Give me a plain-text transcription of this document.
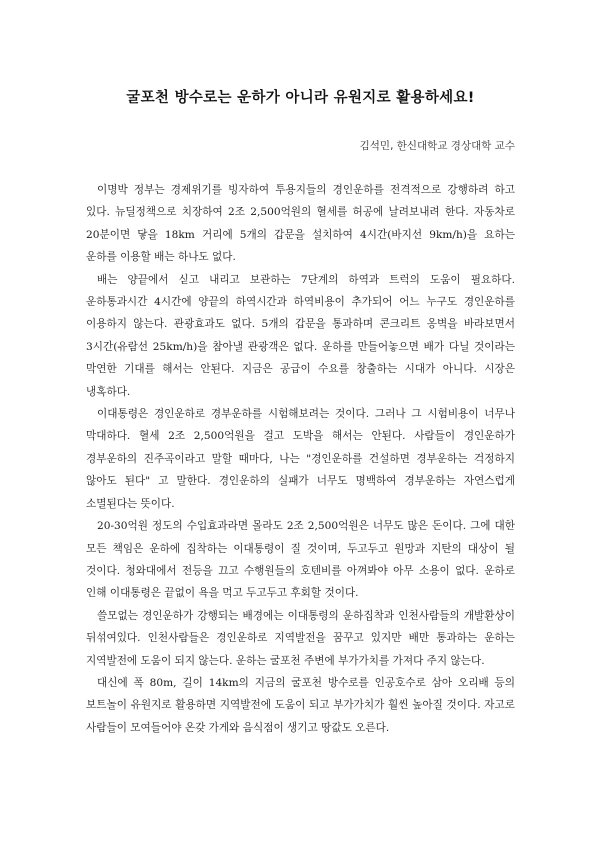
굴포천 방수로는 운하가 아니라 유원지로 활용하세요!
김석민, 한신대학교 경상대학 교수

이명박 정부는 경제위기를 빙자하여 투용지들의 경인운하를 전격적으로 강행하려 하고 있다. 뉴딜정책으로 치장하여 2조 2,500억원의 혈세를 허공에 날려보내려 한다. 자동차로 20분이면 닿을 18km 거리에 5개의 갑문을 설치하여 4시간(바지선 9km/h)을 요하는 운하를 이용할 배는 하나도 없다.

배는 양끝에서 싣고 내리고 보관하는 7단계의 하역과 트럭의 도움이 필요하다. 운하통과시간 4시간에 양끝의 하역시간과 하역비용이 추가되어 어느 누구도 경인운하를 이용하지 않는다. 관광효과도 없다. 5개의 갑문을 통과하며 콘크리트 옹벽을 바라보면서 3시간(유람선 25km/h)을 참아낼 관광객은 없다. 운하를 만들어놓으면 배가 다닐 것이라는 막연한 기대를 해서는 안된다. 지금은 공급이 수요를 창출하는 시대가 아니다. 시장은 냉혹하다.

이대통령은 경인운하로 경부운하를 시험해보려는 것이다. 그러나 그 시험비용이 너무나 막대하다. 혈세 2조 2,500억원을 걸고 도박을 해서는 안된다. 사람들이 경인운하가 경부운하의 진주곡이라고 말할 때마다, 나는 "경인운하를 건설하면 경부운하는 걱정하지 않아도 된다" 고 말한다. 경인운하의 실패가 너무도 명백하여 경부운하는 자연스럽게 소멸된다는 뜻이다.

20-30억원 정도의 수입효과라면 몰라도 2조 2,500억원은 너무도 많은 돈이다. 그에 대한 모든 책임은 운하에 집착하는 이대통령이 질 것이며, 두고두고 원망과 지탄의 대상이 될 것이다. 청와대에서 전등을 끄고 수행원들의 호텐비를 아껴봐야 아무 소용이 없다. 운하로 인해 이대통령은 끝없이 욕을 먹고 두고두고 후회할 것이다.

쓸모없는 경인운하가 강행되는 배경에는 이대통령의 운하집착과 인천사람들의 개발환상이 뒤섞여있다. 인천사람들은 경인운하로 지역발전을 꿈꾸고 있지만 배만 통과하는 운하는 지역발전에 도움이 되지 않는다. 운하는 굴포천 주변에 부가가치를 가져다 주지 않는다.

대신에 폭 80m, 길이 14km의 지금의 굴포천 방수로를 인공호수로 삼아 오리배 등의 보트놀이 유원지로 활용하면 지역발전에 도움이 되고 부가가치가 훨씬 높아질 것이다. 자고로 사람들이 모여들어야 온갖 가게와 음식점이 생기고 땅값도 오른다.
